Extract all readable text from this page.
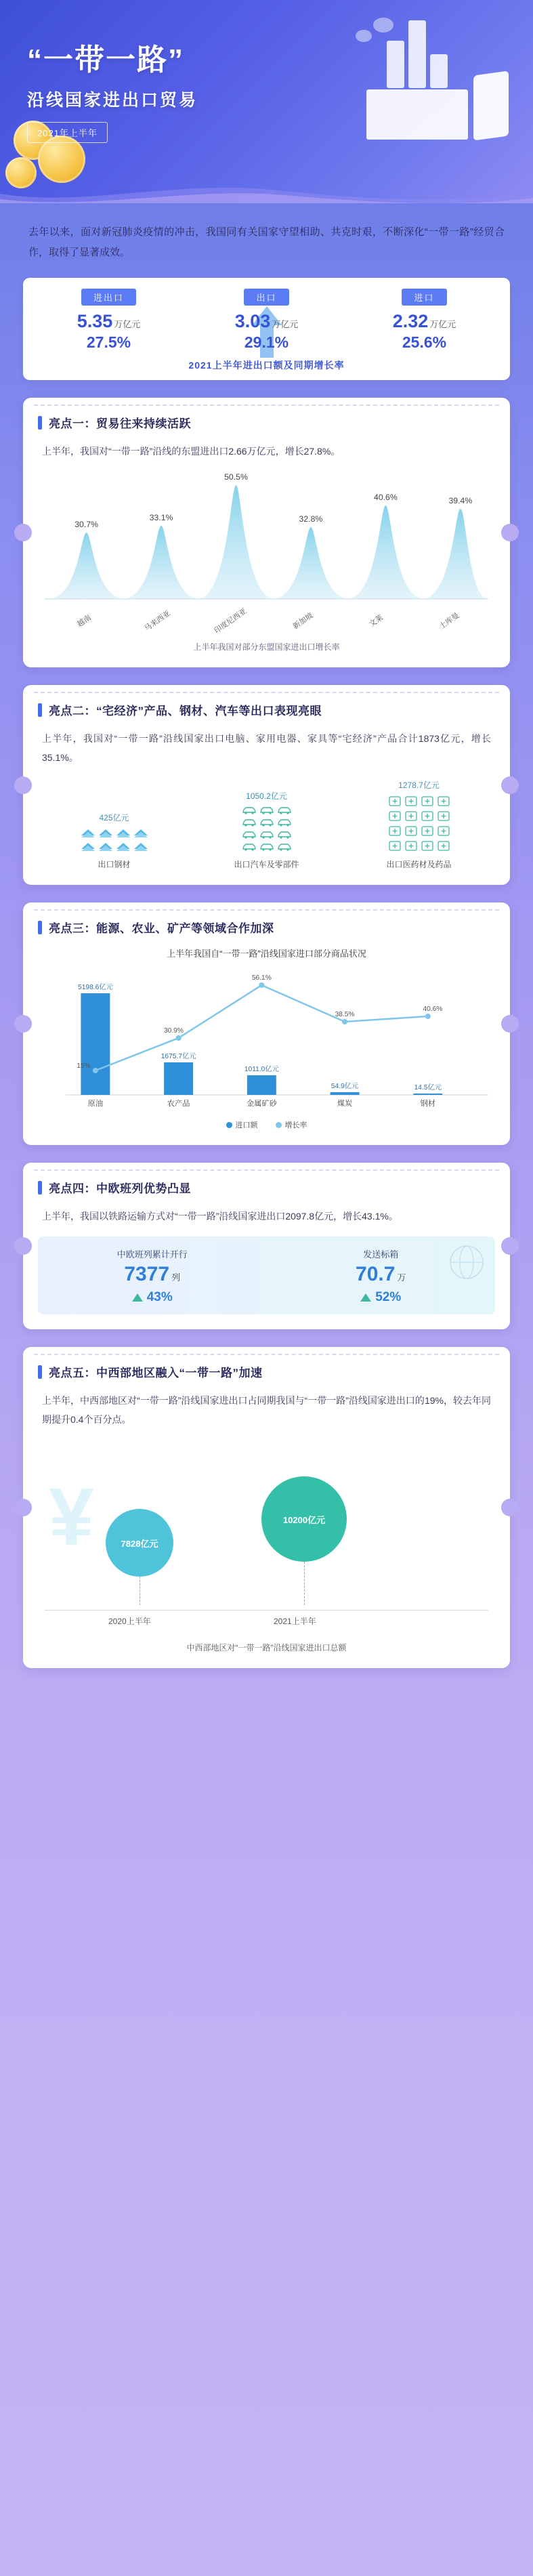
“一带一路”
沿线国家进出口贸易
2021年上半年
去年以来，面对新冠肺炎疫情的冲击，我国同有关国家守望相助、共克时艰，不断深化“一带一路”经贸合作，取得了显著成效。
进出口
5.35 万亿元
27.5%
出口
3.03 万亿元
29.1%
进口
2.32 万亿元
25.6%
2021上半年进出口额及同期增长率
亮点一：贸易往来持续活跃
上半年，我国对“一带一路”沿线的东盟进出口2.66万亿元，增长27.8%。
30.7%
33.1%
50.5%
32.8%
40.6%	39.4%
越南	马来西亚	印度尼西亚	新加坡	文莱	土库曼
上半年我国对部分东盟国家进出口增长率
亮点二：“宅经济”产品、钢材、汽车等出口表现亮眼
上半年，我国对“一带一路”沿线国家出口电脑、家用电器、家具等“宅经济”产品合计1873亿元，增长35.1%。
425亿元
出口钢材
1050.2亿元
出口汽车及零部件
1278.7亿元
出口医药材及药品
亮点三：能源、农业、矿产等领域合作加深
上半年我国自“一带一路”沿线国家进口部分商品状况
5198.6亿元
1675.7亿元
1011.0亿元
54.9亿元	14.5亿元
15%
30.9%
56.1%
38.5%
40.6%
原油	农产品	金属矿砂	煤炭	钢材
进口额	增长率
亮点四：中欧班列优势凸显
上半年，我国以铁路运输方式对“一带一路”沿线国家进出口2097.8亿元，增长43.1%。
中欧班列累计开行
7377 列
43%
发送标箱
70.7 万
52%
亮点五：中西部地区融入“一带一路”加速
上半年，中西部地区对“一带一路”沿线国家进出口占同期我国与“一带一路”沿线国家进出口的19%，较去年同期提升0.4个百分点。
¥	7828亿元
10200亿元
2020上半年	2021上半年
中西部地区对“一带一路”沿线国家进出口总额
